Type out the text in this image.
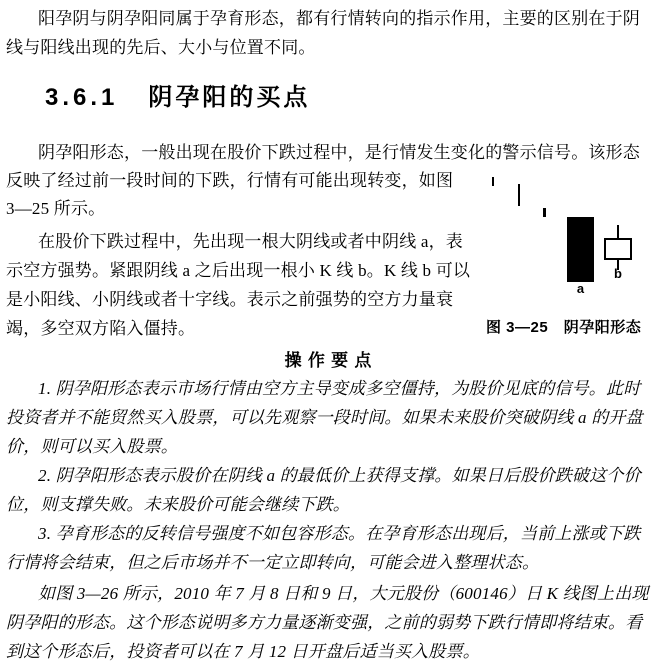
阳孕阴与阴孕阳同属于孕育形态，都有行情转向的指示作用，主要的区别在于阴
线与阳线出现的先后、大小与位置不同。
3.6.1 阴孕阳的买点
阴孕阳形态，一般出现在股价下跌过程中，是行情发生变化的警示信号。该形态
反映了经过前一段时间的下跌，行情有可能出现转变，如图
3—25 所示。
在股价下跌过程中，先出现一根大阴线或者中阴线 a，表
示空方强势。紧跟阴线 a 之后出现一根小 K 线 b。K 线 b 可以
是小阳线、小阴线或者十字线。表示之前强势的空方力量衰
竭，多空双方陷入僵持。
a
b
图 3—25　阴孕阳形态
操 作 要 点
1. 阴孕阳形态表示市场行情由空方主导变成多空僵持，为股价见底的信号。此时
投资者并不能贸然买入股票，可以先观察一段时间。如果未来股价突破阴线 a 的开盘
价，则可以买入股票。
2. 阴孕阳形态表示股价在阴线 a 的最低价上获得支撑。如果日后股价跌破这个价
位，则支撑失败。未来股价可能会继续下跌。
3. 孕育形态的反转信号强度不如包容形态。在孕育形态出现后，当前上涨或下跌
行情将会结束，但之后市场并不一定立即转向，可能会进入整理状态。
如图 3—26 所示，2010 年 7 月 8 日和 9 日，大元股份（600146）日 K 线图上出现
阴孕阳的形态。这个形态说明多方力量逐渐变强，之前的弱势下跌行情即将结束。看
到这个形态后，投资者可以在 7 月 12 日开盘后适当买入股票。
